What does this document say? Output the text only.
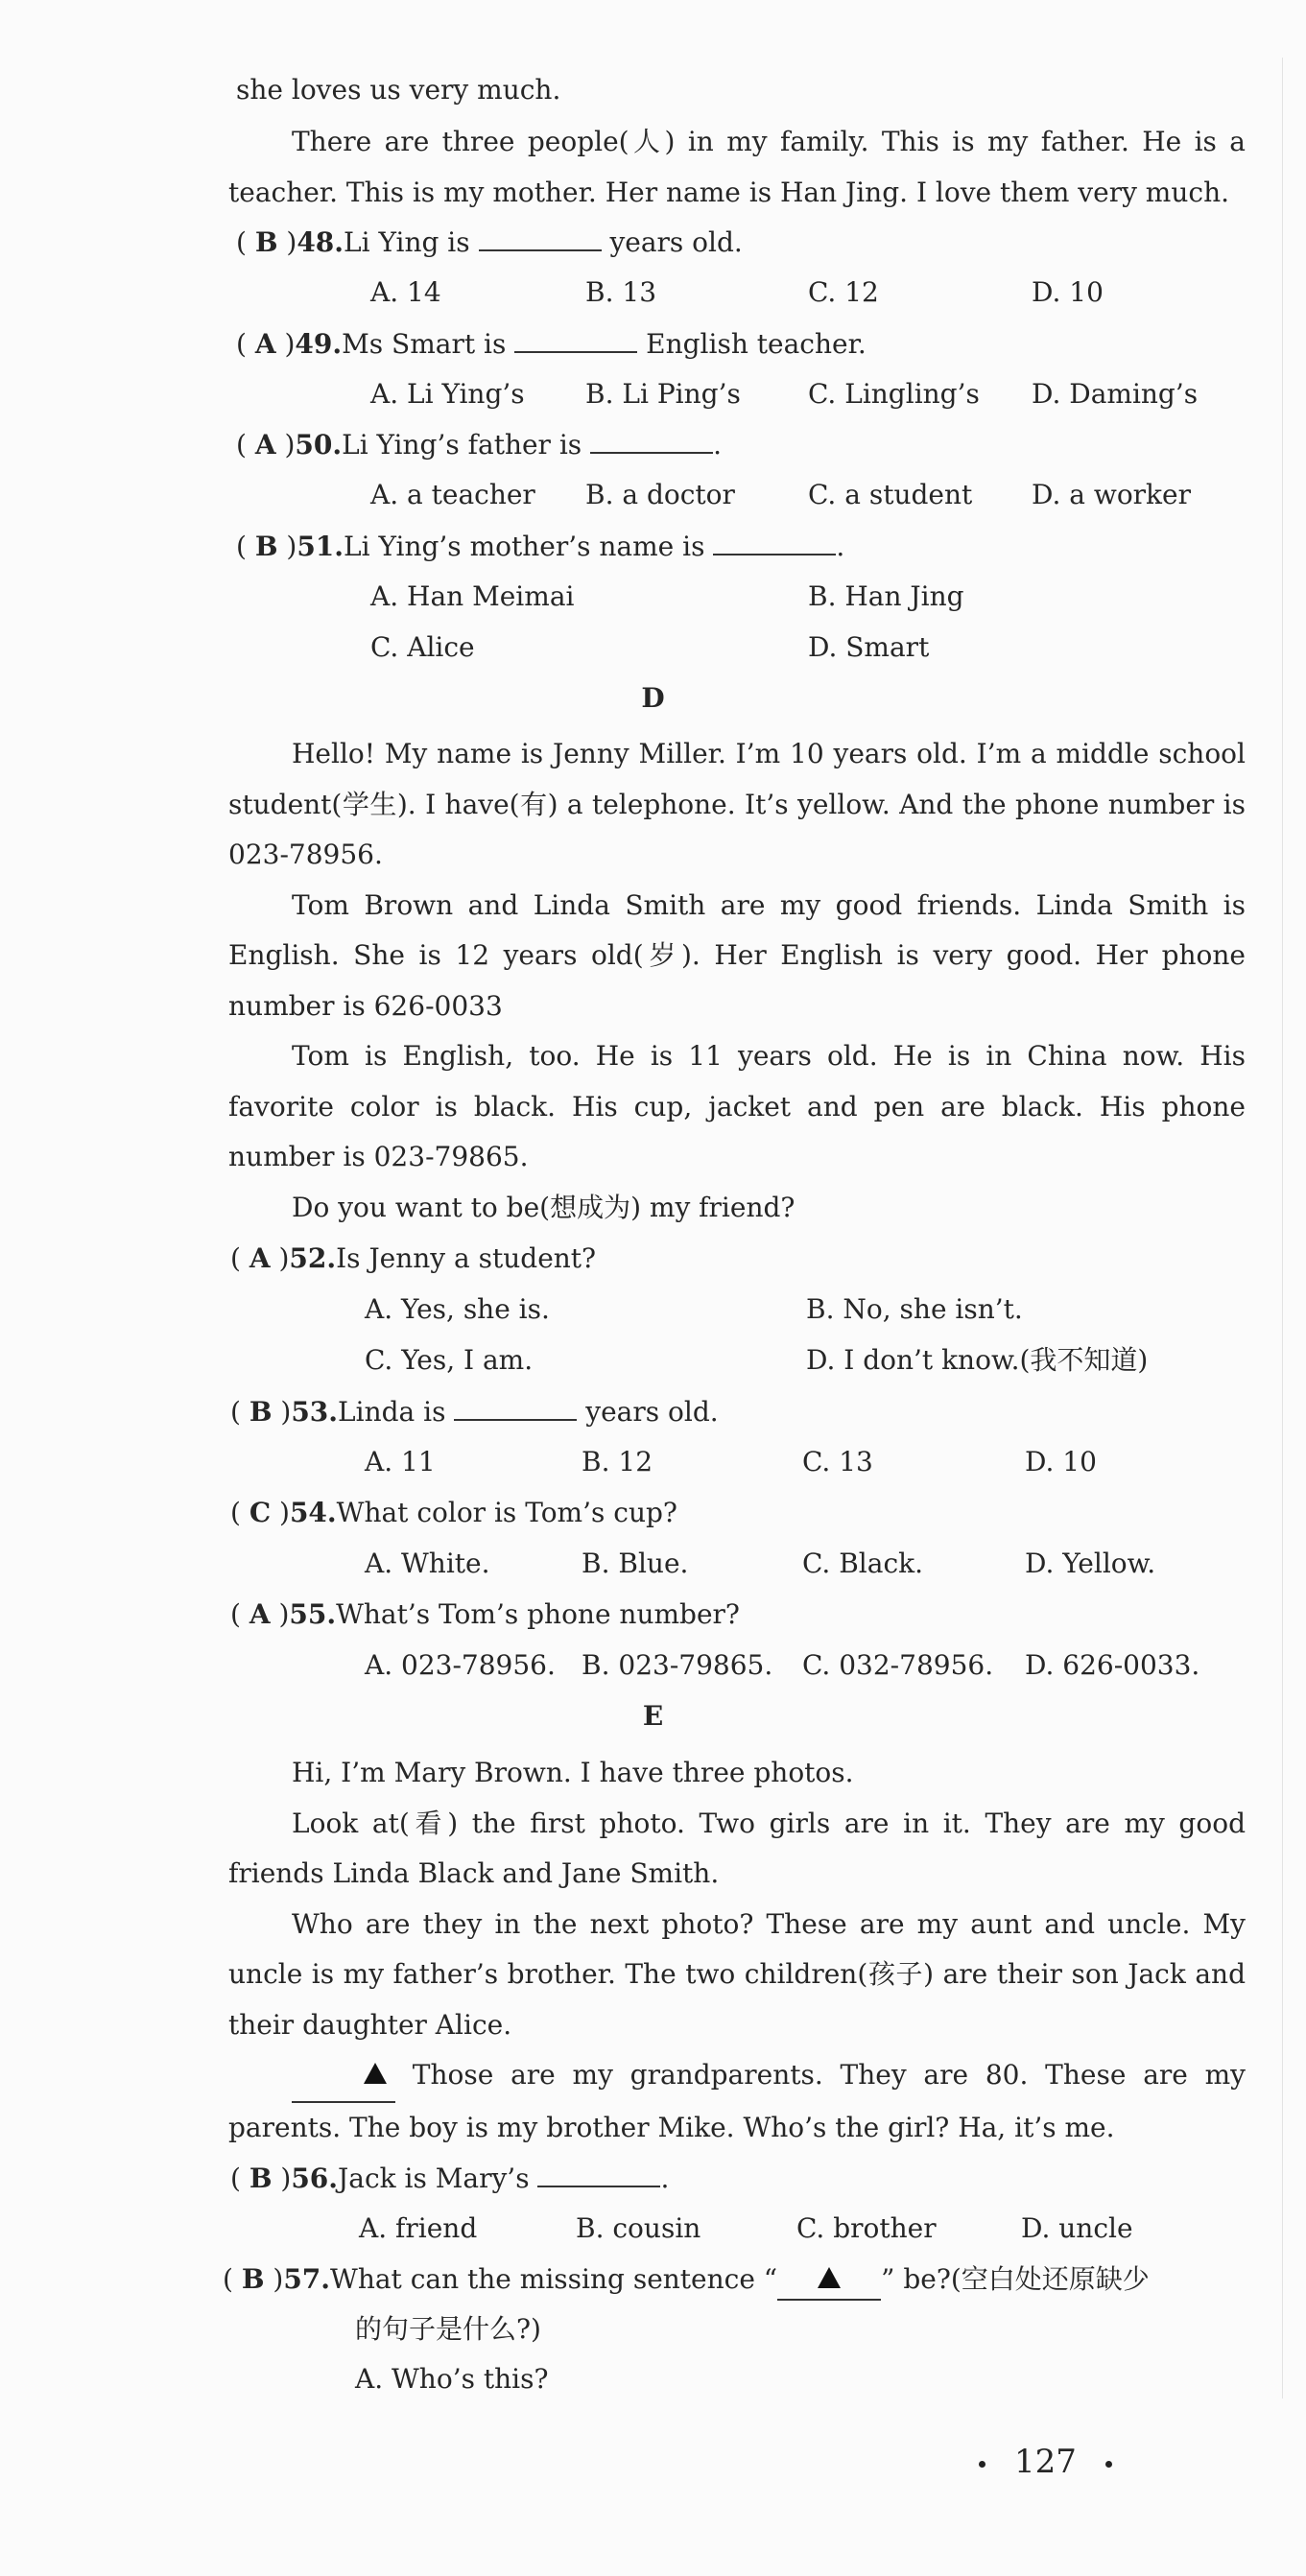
she loves us very much.

There are three people(人) in my family. This is my father. He is a teacher. This is my mother. Her name is Han Jing. I love them very much.

( B )48.Li Ying is	years old.
A. 14	B. 13	C. 12	D. 10
( A )49.Ms Smart is	English teacher.
A. Li Ying’s B. Li Ping’s	C. Lingling’s D. Daming’s
( A )50.Li Ying’s father is	.
A. a teacher B. a doctor	C. a student D. a worker
( B )51.Li Ying’s mother’s name is	.
A. Han Meimai	B. Han Jing
C. Alice	D. Smart
D

Hello! My name is Jenny Miller. I’m 10 years old. I’m a middle school student(学生). I have(有) a telephone. It’s yellow. And the phone number is 023-78956.

Tom Brown and Linda Smith are my good friends. Linda Smith is English. She is 12 years old(岁). Her English is very good. Her phone number is 626-0033

Tom is English, too. He is 11 years old. He is in China now. His favorite color is black. His cup, jacket and pen are black. His phone number is 023-79865.

Do you want to be(想成为) my friend?

( A )52.Is Jenny a student?
A. Yes, she is.	B. No, she isn’t.
C. Yes, I am.	D. I don’t know.(我不知道)
( B )53.Linda is	years old.
A. 11	B. 12	C. 13	D. 10
( C )54.What color is Tom’s cup?
A. White.	B. Blue.	C. Black.	D. Yellow.
( A )55.What’s Tom’s phone number?
A. 023-78956. B. 023-79865. C. 032-78956. D. 626-0033.
E

Hi, I’m Mary Brown. I have three photos.

Look at(看) the first photo. Two girls are in it. They are my good friends Linda Black and Jane Smith.

Who are they in the next photo? These are my aunt and uncle. My uncle is my father’s brother. The two children(孩子) are their son Jack and their daughter Alice.

Those are my grandparents. They are 80. These are my parents. The boy is my brother Mike. Who’s the girl? Ha, it’s me.

( B )56.Jack is Mary’s	.
A. friend	B. cousin	C. brother	D. uncle
( B )57.What can the missing sentence “	” be?(空白处还原缺少
的句子是什么?)
A. Who’s this?
127
